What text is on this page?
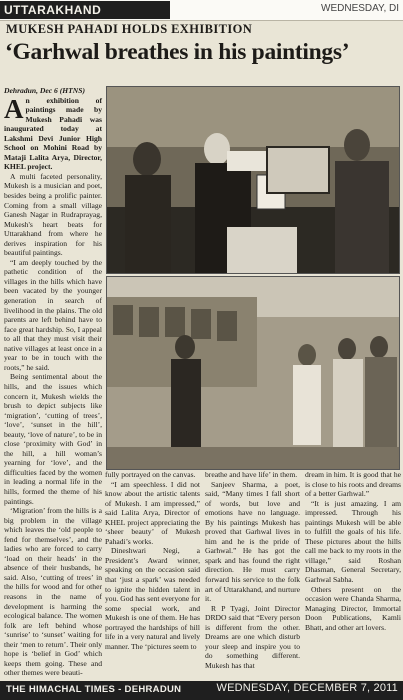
UTTARAKHAND	WEDNESDAY, DI
MUKESH PAHADI HOLDS EXHIBITION
‘Garhwal breathes in his paintings’

Dehradun, Dec 6 (HTNS)

An exhibition of paintings made by Mukesh Pahadi was inaugurated today at Lakshmi Devi Junior High School on Mohini Road by Mataji Lalita Arya, Director, KHEL project.

A multi faceted personality, Mukesh is a musician and poet, besides being a prolific painter. Coming from a small village Ganesh Nagar in Rudraprayag, Mukesh's heart beats for Uttarakhand from where he derives inspiration for his beautiful paintings.

“I am deeply touched by the pathetic condition of the villages in the hills which have been vacated by the younger generation in search of livelihood in the plains. The old parents are left behind have to face great hardship. So, I appeal to all that they must visit their native villages at least once in a year to be in touch with the roots,” he said.

Being sentimental about the hills, and the issues which concern it, Mukesh wields the brush to depict subjects like ‘migration’, ‘cutting of trees’, ‘love’, ‘sunset in the hill’, beauty, ‘love of nature’, to be in close ‘proximity with God’ in the hill, a hill woman’s yearning for ‘love’, and the difficulties faced by the women in leading a normal life in the hills, formed the theme of his paintings.

‘Migration’ from the hills is a big problem in the village which leaves the ‘old people to fend for themselves’, and the ladies who are forced to carry ‘load on their heads’ in the absence of their husbands, he said. Also, ‘cutting of trees’ in the hills for wood and for other reasons in the name of development is harming the ecological balance. The women folk are left behind whose ‘sunrise’ to ‘sunset’ waiting for their ‘men to return’. Their only hope is ‘belief in God’ which keeps them going. These and other themes were beauti-

fully portrayed on the canvas.

“I am speechless. I did not know about the artistic talents of Mukesh. I am impressed,” said Lalita Arya, Director of KHEL project appreciating the ‘sheer beauty’ of Mukesh Pahadi’s works.

Dineshwari Negi, a President’s Award winner, speaking on the occasion said that ‘just a spark’ was needed to ignite the hidden talent in you. God has sent everyone for some special work, and Mukesh is one of them. He has portrayed the hardships of hill life in a very natural and lively manner. The ‘pictures seem to

breathe and have life’ in them.

Sanjeev Sharma, a poet, said, “Many times I fall short of words, but love and emotions have no language. By his paintings Mukesh has proved that Garhwal lives in him and he is the pride of Garhwal.” He has got the spark and has found the right direction. He must carry forward his service to the folk art of Uttarakhand, and nurture it.

R P Tyagi, Joint Director DRDO said that “Every person is different from the other. Dreams are one which disturb your sleep and inspire you to do something different. Mukesh has that

dream in him. It is good that he is close to his roots and dreams of a better Garhwal.”

“It is just amazing. I am impressed. Through his paintings Mukesh will be able to fulfill the goals of his life. These pictures about the hills call me back to my roots in the village,” said Roshan Dhasman, General Secretary, Garhwal Sabha.

Others present on the occasion were Chanda Sharma, Managing Director, Immortal Doon Publications, Kamli Bhatt, and other art lovers.

THE HIMACHAL TIMES - DEHRADUN	WEDNESDAY, DECEMBER 7, 2011
